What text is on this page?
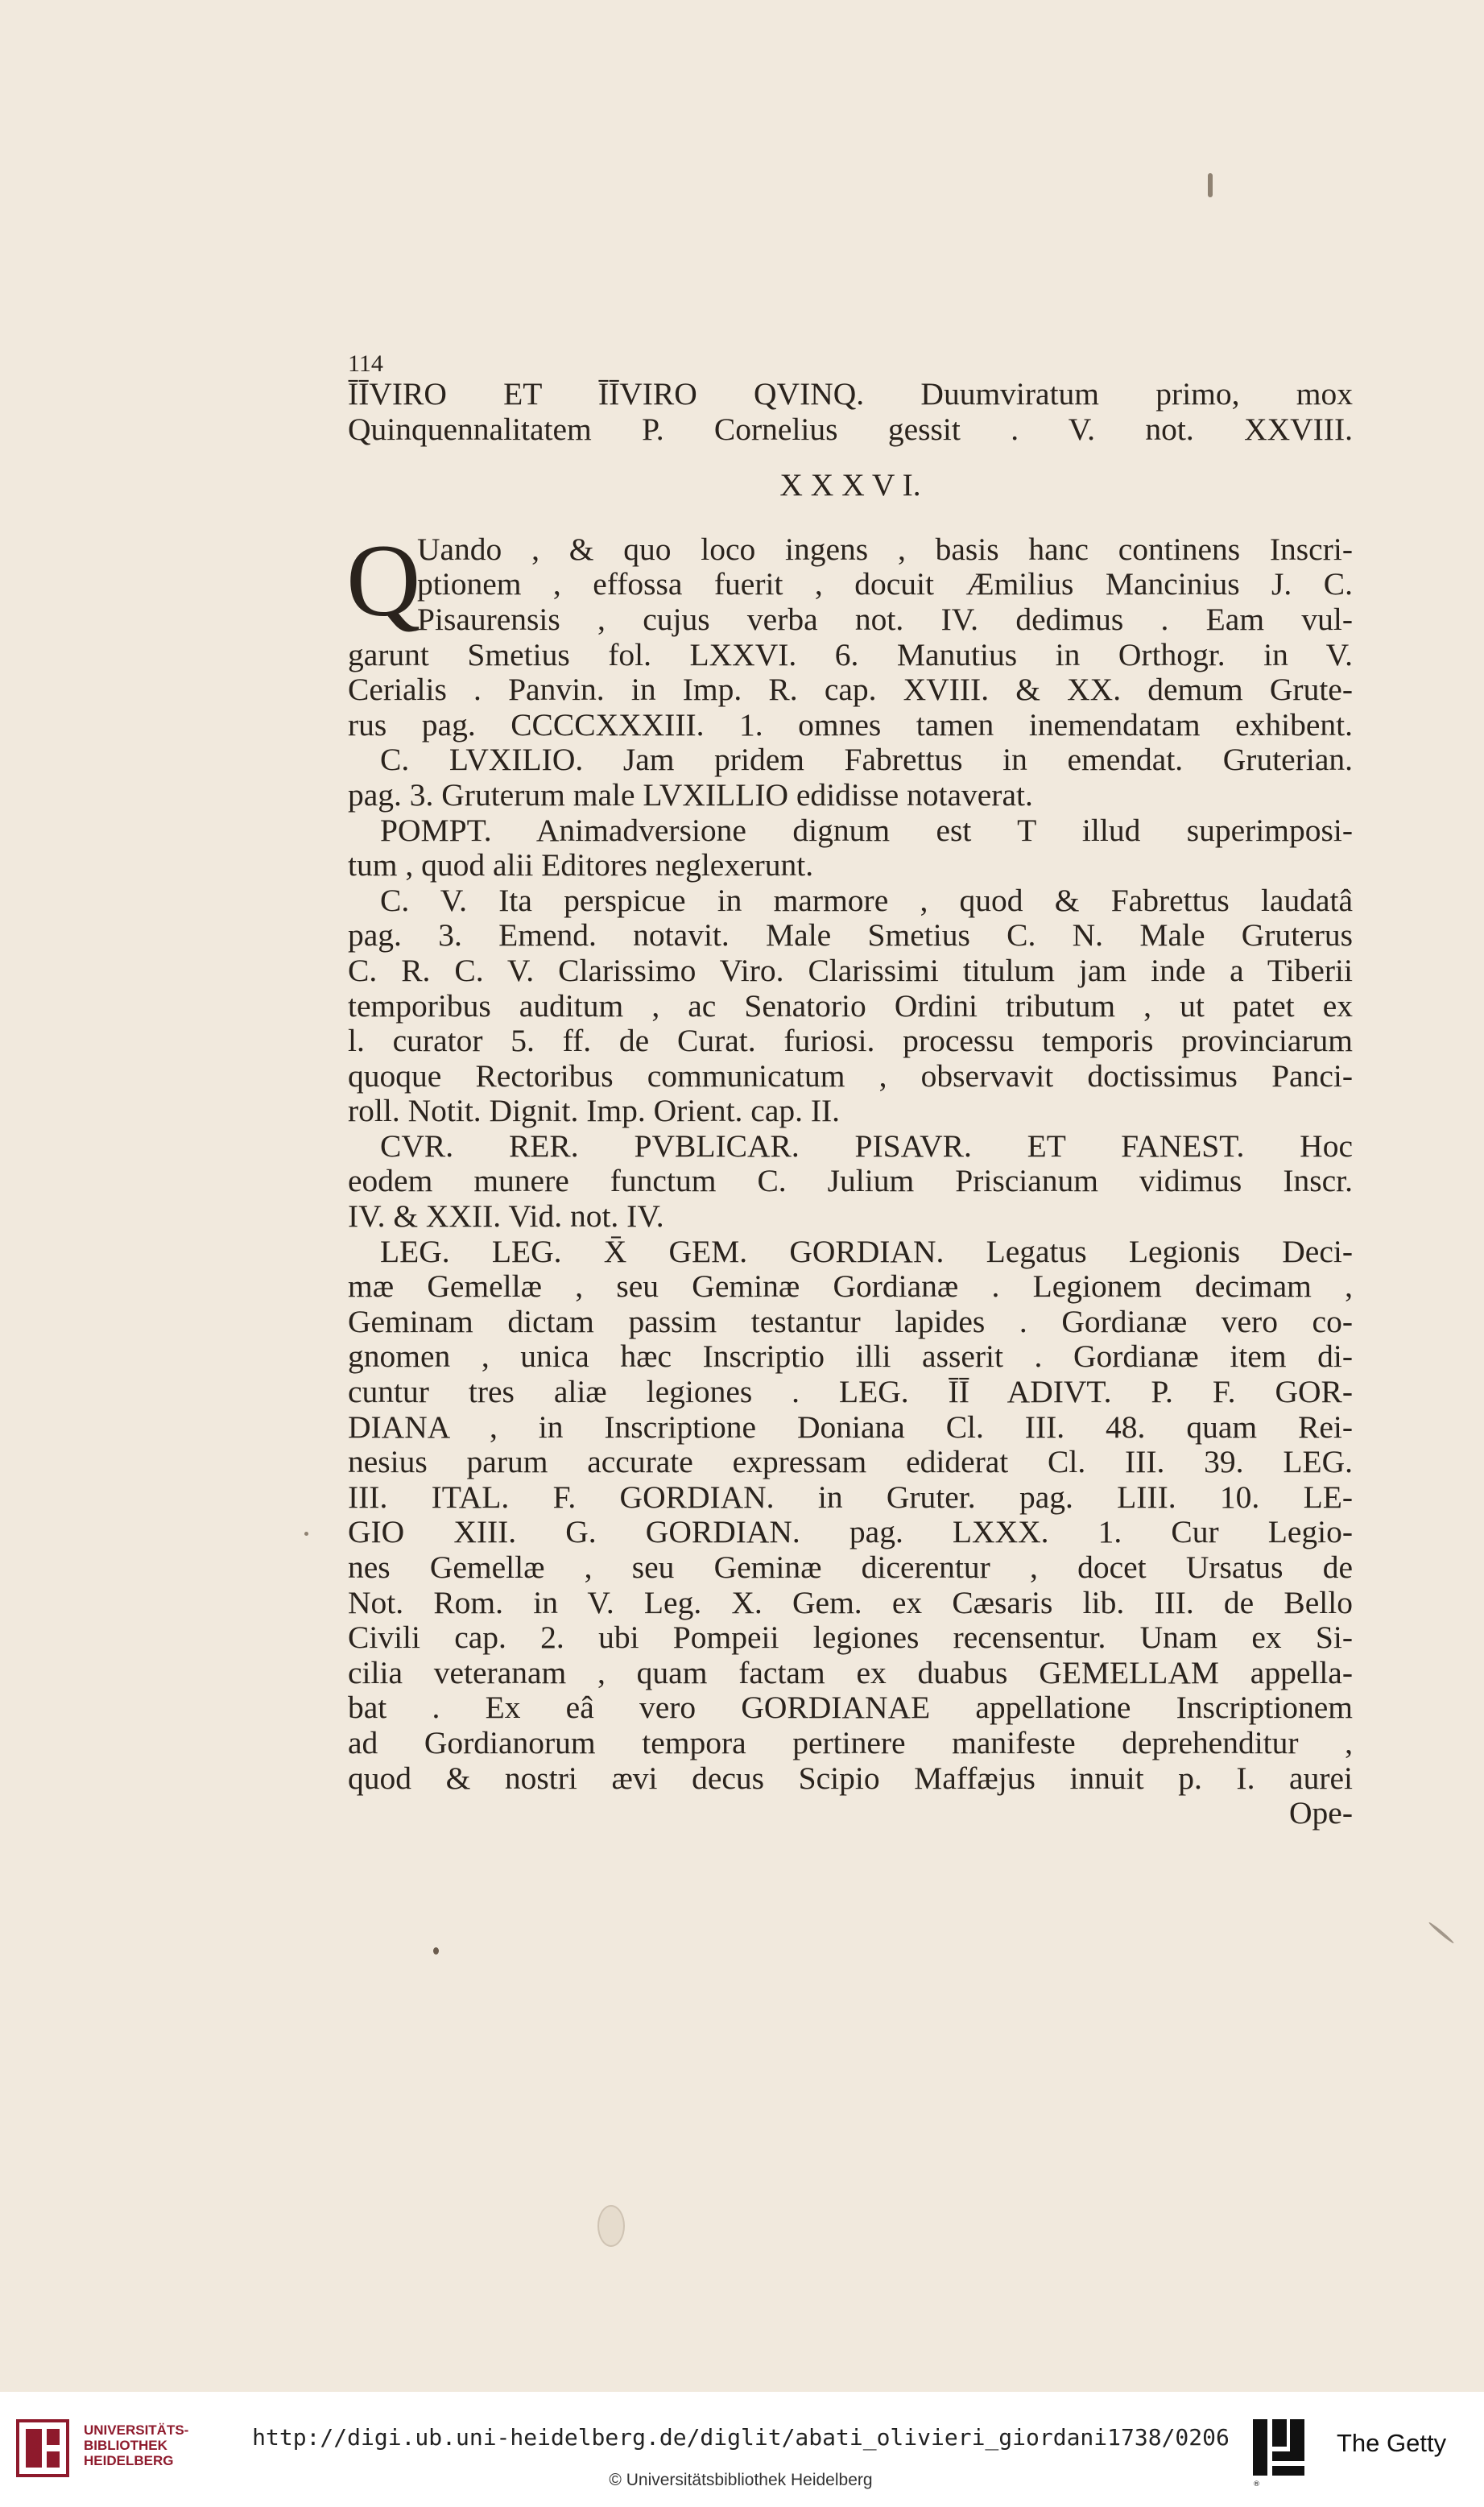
114
ĪĪVIRO ET ĪĪVIRO QVINQ. Duumviratum primo, mox
Quinquennalitatem P. Cornelius gessit . V. not. XXVIII.
X X X V I.
Q
Uando , & quo loco ingens , basis hanc continens Inscri-
ptionem , effossa fuerit , docuit Æmilius Mancinius J. C.
Pisaurensis , cujus verba not. IV. dedimus . Eam vul-
garunt Smetius fol. LXXVI. 6. Manutius in Orthogr. in V.
Cerialis . Panvin. in Imp. R. cap. XVIII. & XX. demum Grute-
rus pag. CCCCXXXIII. 1. omnes tamen inemendatam exhibent.
C. LVXILIO. Jam pridem Fabrettus in emendat. Gruterian.
pag. 3. Gruterum male LVXILLIO edidisse notaverat.
POMPT. Animadversione dignum est T illud superimposi-
tum , quod alii Editores neglexerunt.
C. V. Ita perspicue in marmore , quod & Fabrettus laudatâ
pag. 3. Emend. notavit. Male Smetius C. N. Male Gruterus
C. R. C. V. Clarissimo Viro. Clarissimi titulum jam inde a Tiberii
temporibus auditum , ac Senatorio Ordini tributum , ut patet ex
l. curator 5. ff. de Curat. furiosi. processu temporis provinciarum
quoque Rectoribus communicatum , observavit doctissimus Panci-
roll. Notit. Dignit. Imp. Orient. cap. II.
CVR. RER. PVBLICAR. PISAVR. ET FANEST. Hoc
eodem munere functum C. Julium Priscianum vidimus Inscr.
IV. & XXII. Vid. not. IV.
LEG. LEG. X̄ GEM. GORDIAN. Legatus Legionis Deci-
mæ Gemellæ , seu Geminæ Gordianæ . Legionem decimam ,
Geminam dictam passim testantur lapides . Gordianæ vero co-
gnomen , unica hæc Inscriptio illi asserit . Gordianæ item di-
cuntur tres aliæ legiones . LEG. ĪĪ ADIVT. P. F. GOR-
DIANA , in Inscriptione Doniana Cl. III. 48. quam Rei-
nesius parum accurate expressam ediderat Cl. III. 39. LEG.
III. ITAL. F. GORDIAN. in Gruter. pag. LIII. 10. LE-
GIO XIII. G. GORDIAN. pag. LXXX. 1. Cur Legio-
nes Gemellæ , seu Geminæ dicerentur , docet Ursatus de
Not. Rom. in V. Leg. X. Gem. ex Cæsaris lib. III. de Bello
Civili cap. 2. ubi Pompeii legiones recensentur. Unam ex Si-
cilia veteranam , quam factam ex duabus GEMELLAM appella-
bat . Ex eâ vero GORDIANAE appellatione Inscriptionem
ad Gordianorum tempora pertinere manifeste deprehenditur ,
quod & nostri ævi decus Scipio Maffæjus innuit p. I. aurei
Ope-
UNIVERSITÄTS-
BIBLIOTHEK
HEIDELBERG
http://digi.ub.uni-heidelberg.de/diglit/abati_olivieri_giordani1738/0206
© Universitätsbibliothek Heidelberg	®
The Getty
